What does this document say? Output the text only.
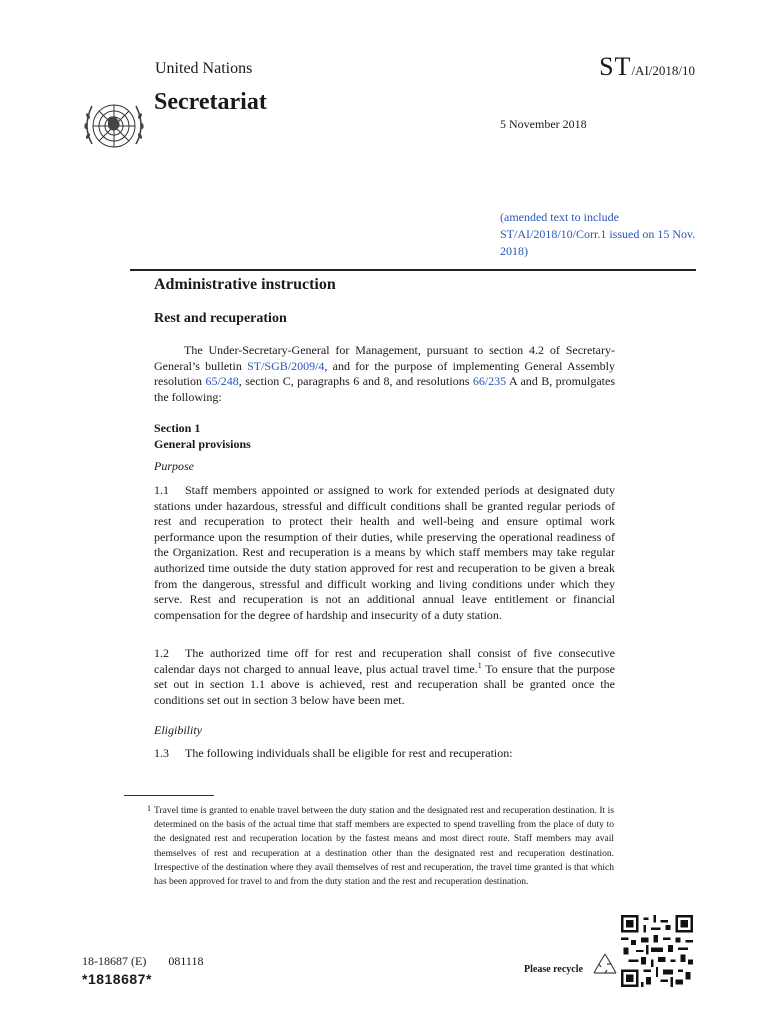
United Nations	ST/AI/2018/10
Secretariat
5 November 2018
(amended text to include ST/AI/2018/10/Corr.1 issued on 15 Nov. 2018)
Administrative instruction
Rest and recuperation
The Under-Secretary-General for Management, pursuant to section 4.2 of Secretary-General’s bulletin ST/SGB/2009/4, and for the purpose of implementing General Assembly resolution 65/248, section C, paragraphs 6 and 8, and resolutions 66/235 A and B, promulgates the following:
Section 1
General provisions
Purpose
1.1 Staff members appointed or assigned to work for extended periods at designated duty stations under hazardous, stressful and difficult conditions shall be granted regular periods of rest and recuperation to protect their health and well-being and ensure optimal work performance upon the resumption of their duties, while preserving the operational readiness of the Organization. Rest and recuperation is a means by which staff members may take regular authorized time outside the duty station approved for rest and recuperation to be given a break from the dangerous, stressful and difficult working and living conditions under which they serve. Rest and recuperation is not an additional annual leave entitlement or financial compensation for the degree of hardship and insecurity of a duty station.
1.2 The authorized time off for rest and recuperation shall consist of five consecutive calendar days not charged to annual leave, plus actual travel time.$^1$ To ensure that the purpose set out in section 1.1 above is achieved, rest and recuperation shall be granted once the conditions set out in section 3 below have been met.
Eligibility
1.3 The following individuals shall be eligible for rest and recuperation:
1 Travel time is granted to enable travel between the duty station and the designated rest and recuperation destination. It is determined on the basis of the actual time that staff members are expected to spend travelling from the place of duty to the designated rest and recuperation location by the fastest means and most direct route. Staff members may avail themselves of rest and recuperation at a destination other than the designated rest and recuperation destination. Irrespective of the destination where they avail themselves of rest and recuperation, the travel time granted is that which has been approved for travel to and from the duty station and the rest and recuperation destination.
18-18687 (E) 081118
*1818687*
Please recycle
